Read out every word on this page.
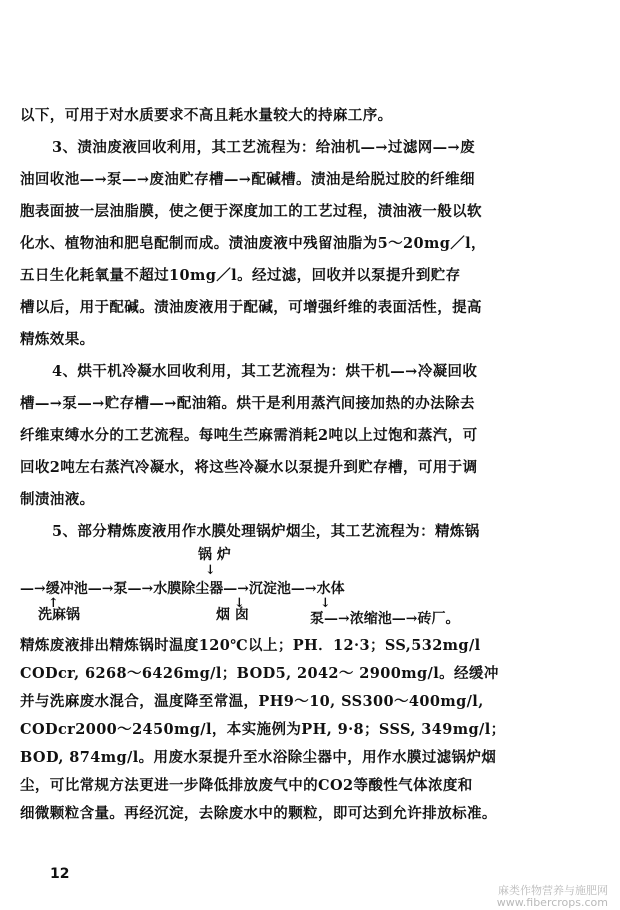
以下，可用于对水质要求不高且耗水量较大的持麻工序。
3、渍油废液回收利用，其工艺流程为：给油机—→过滤网—→废
油回收池—→泵—→废油贮存槽—→配碱槽。渍油是给脱过胶的纤维细
胞表面披一层油脂膜，使之便于深度加工的工艺过程，渍油液一般以软
化水、植物油和肥皂配制而成。渍油废液中残留油脂为5～20mg／l，
五日生化耗氧量不超过10mg／l。经过滤，回收并以泵提升到贮存
槽以后，用于配碱。渍油废液用于配碱，可增强纤维的表面活性，提高
精炼效果。
4、烘干机冷凝水回收利用，其工艺流程为：烘干机—→冷凝回收
槽—→泵—→贮存槽—→配油箱。烘干是利用蒸汽间接加热的办法除去
纤维束缚水分的工艺流程。每吨生苎麻需消耗2吨以上过饱和蒸汽，可
回收2吨左右蒸汽冷凝水，将这些冷凝水以泵提升到贮存槽，可用于调
制渍油液。
5、部分精炼废液用作水膜处理锅炉烟尘，其工艺流程为：精炼锅
锅 炉
↓
—→缓冲池—→泵—→水膜除尘器—→沉淀池—→水体
↑	↓	↓
洗麻锅	烟 囱	泵—→浓缩池—→砖厂。
精炼废液排出精炼锅时温度120℃以上；PH．12·3；SS,532mg/l
CODcr, 6268～6426mg/l；BOD5, 2042～ 2900mg/l。经缓冲
并与洗麻废水混合，温度降至常温，PH9～10, SS300～400mg/l,
CODcr2000～2450mg/l，本实施例为PH, 9·8；SSS, 349mg/l；
BOD, 874mg/l。用废水泵提升至水浴除尘器中，用作水膜过滤锅炉烟
尘，可比常规方法更进一步降低排放废气中的CO2等酸性气体浓度和
细微颗粒含量。再经沉淀，去除废水中的颗粒，即可达到允许排放标准。
12
麻类作物营养与施肥网
www.fibercrops.com
